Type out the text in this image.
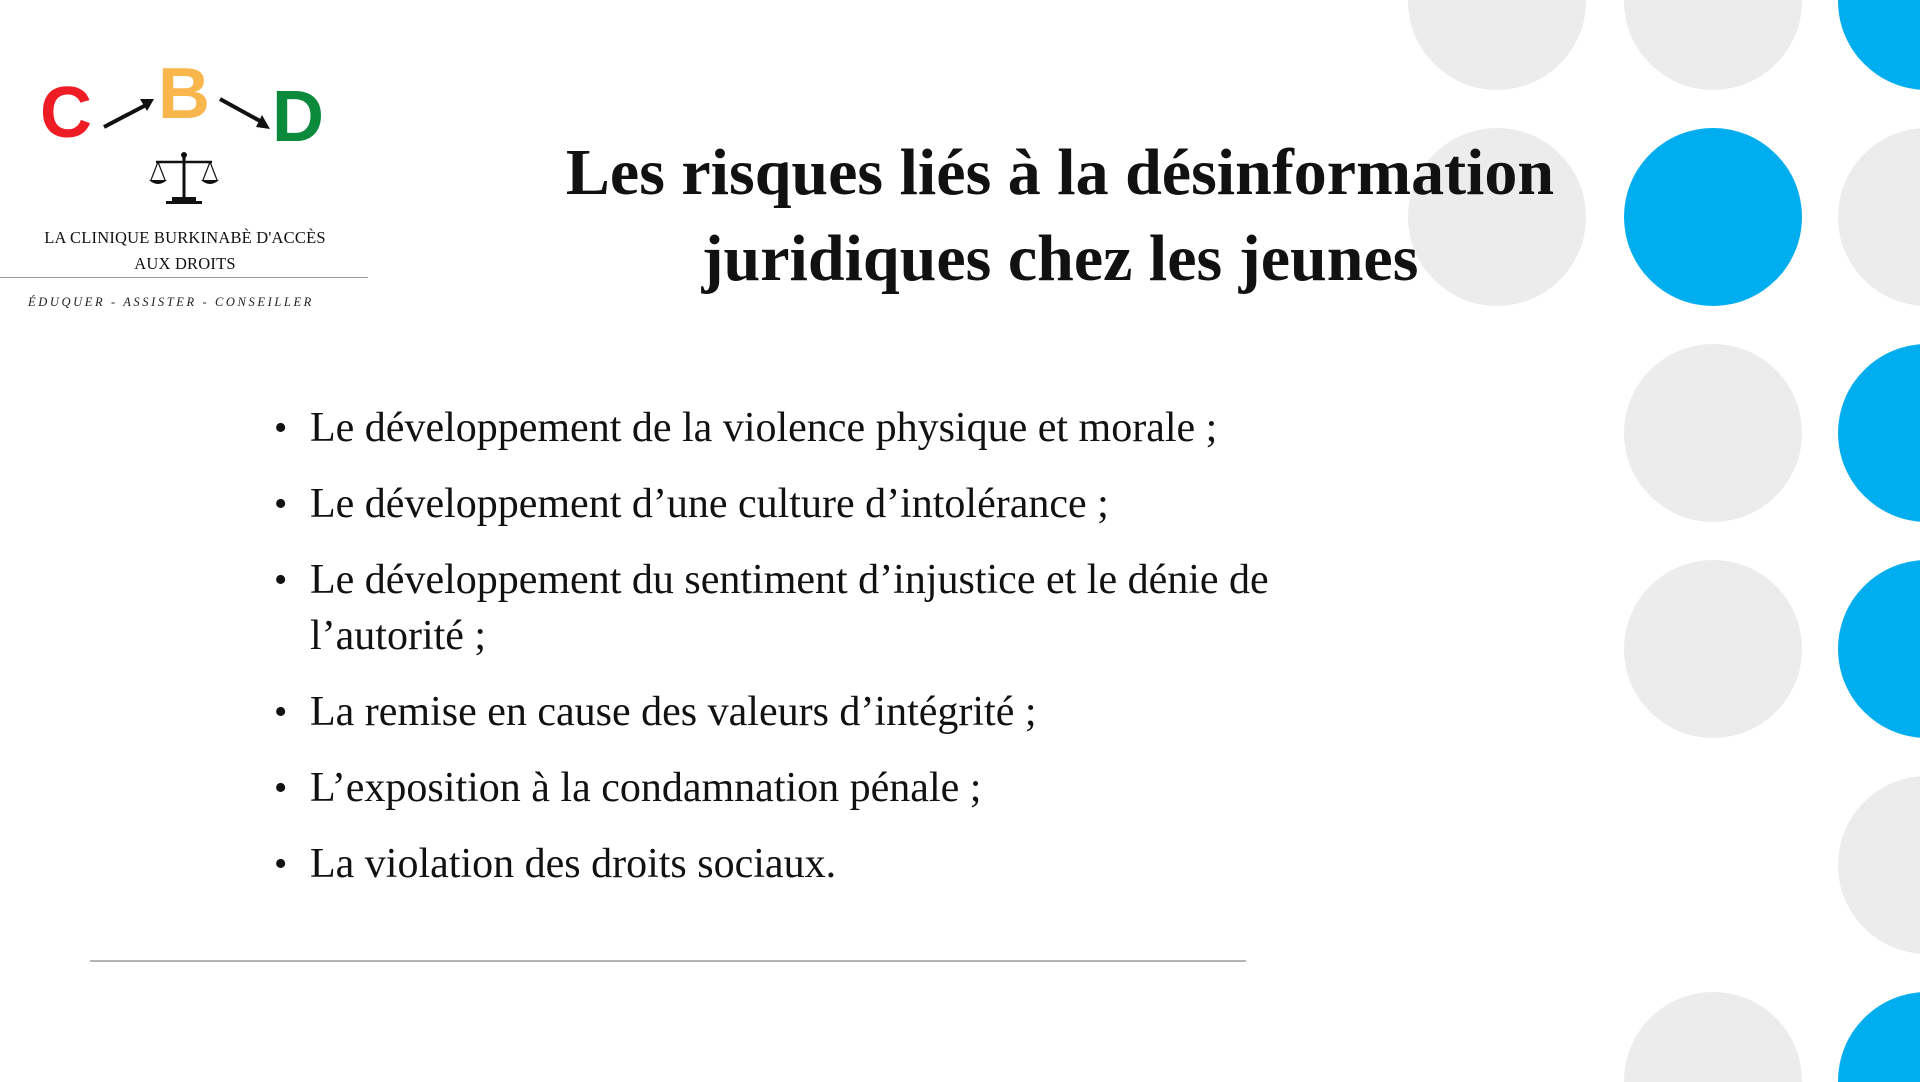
C B D
LA CLINIQUE BURKINABÈ D'ACCÈS
AUX DROITS
ÉDUQUER - ASSISTER - CONSEILLER
Les risques liés à la désinformation
juridiques chez les jeunes
• Le développement de la violence physique et morale ;
• Le développement d’une culture d’intolérance ;
• Le développement du sentiment d’injustice et le dénie de l’autorité ;
• La remise en cause des valeurs d’intégrité ;
• L’exposition à la condamnation pénale ;
• La violation des droits sociaux.
